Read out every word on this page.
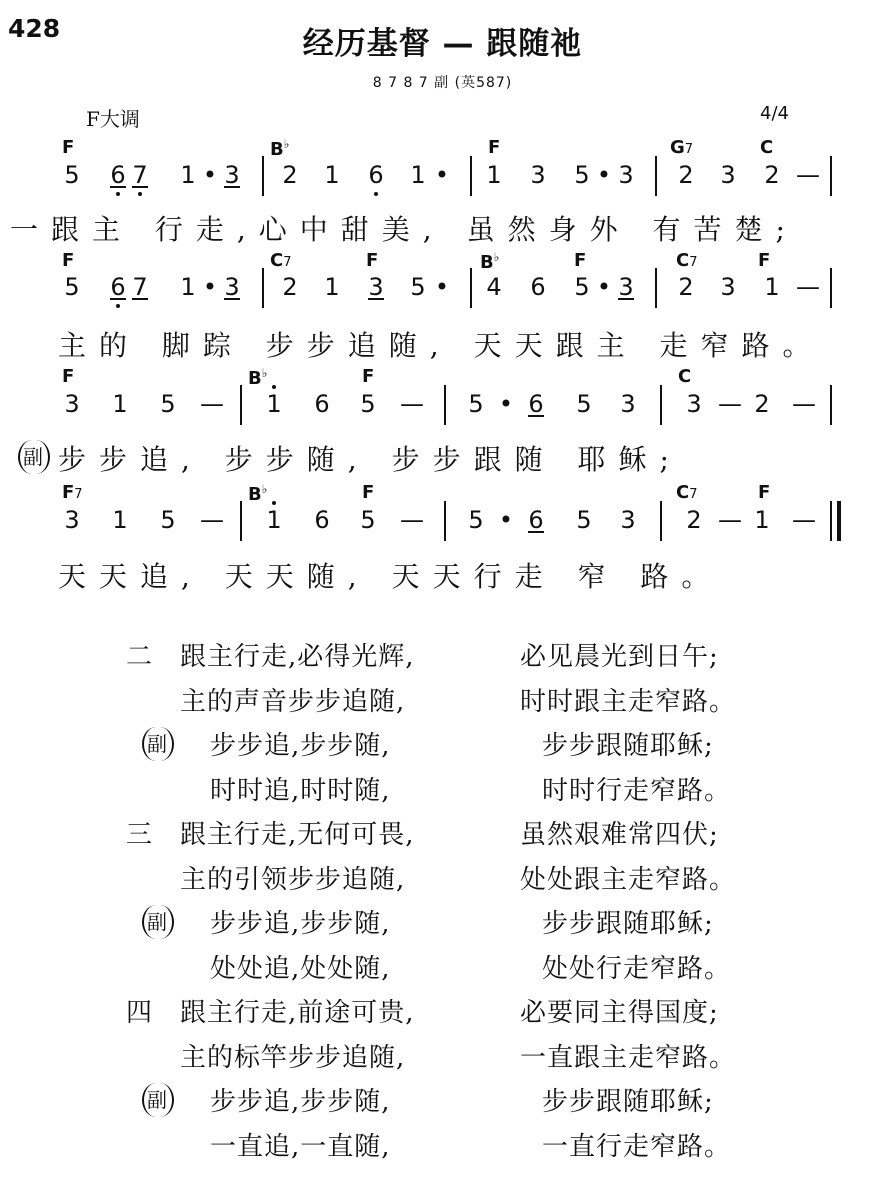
428	经历基督 — 跟随祂
8 7 8 7 副 (英587)
F大调	4/4
F	B♭	F	G7	C
5 6 7 1 • 3 2 1 6 1 • 1 3 5 • 3 2 3 2 —
一跟主 行走,心中甜美, 虽然身外 有苦楚;
F	C7	F	B♭	F	C7	F
5 6 7 1 • 3 2 1 3 5 • 4 6 5 • 3 2 3 1 —
主的 脚踪 步步追随, 天天跟主 走窄路。
F	B♭	F	C
3 1 5 — 1 6 5 — 5 • 6 5 3 3 — 2 —
副 步步追, 步步随, 步步跟随 耶稣;
F7	B♭	F	C7	F
3 1 5 — 1 6 5 — 5 • 6 5 3 2 — 1 —
天天追, 天天随, 天天行走 窄 路。
二 跟主行走,必得光辉,	必见晨光到日午;
主的声音步步追随,	时时跟主走窄路。
副 步步追,步步随,	步步跟随耶稣;
时时追,时时随,	时时行走窄路。
三 跟主行走,无何可畏,	虽然艰难常四伏;
主的引领步步追随,	处处跟主走窄路。
副 步步追,步步随,	步步跟随耶稣;
处处追,处处随,	处处行走窄路。
四 跟主行走,前途可贵,	必要同主得国度;
主的标竿步步追随,	一直跟主走窄路。
副 步步追,步步随,	步步跟随耶稣;
一直追,一直随,	一直行走窄路。
